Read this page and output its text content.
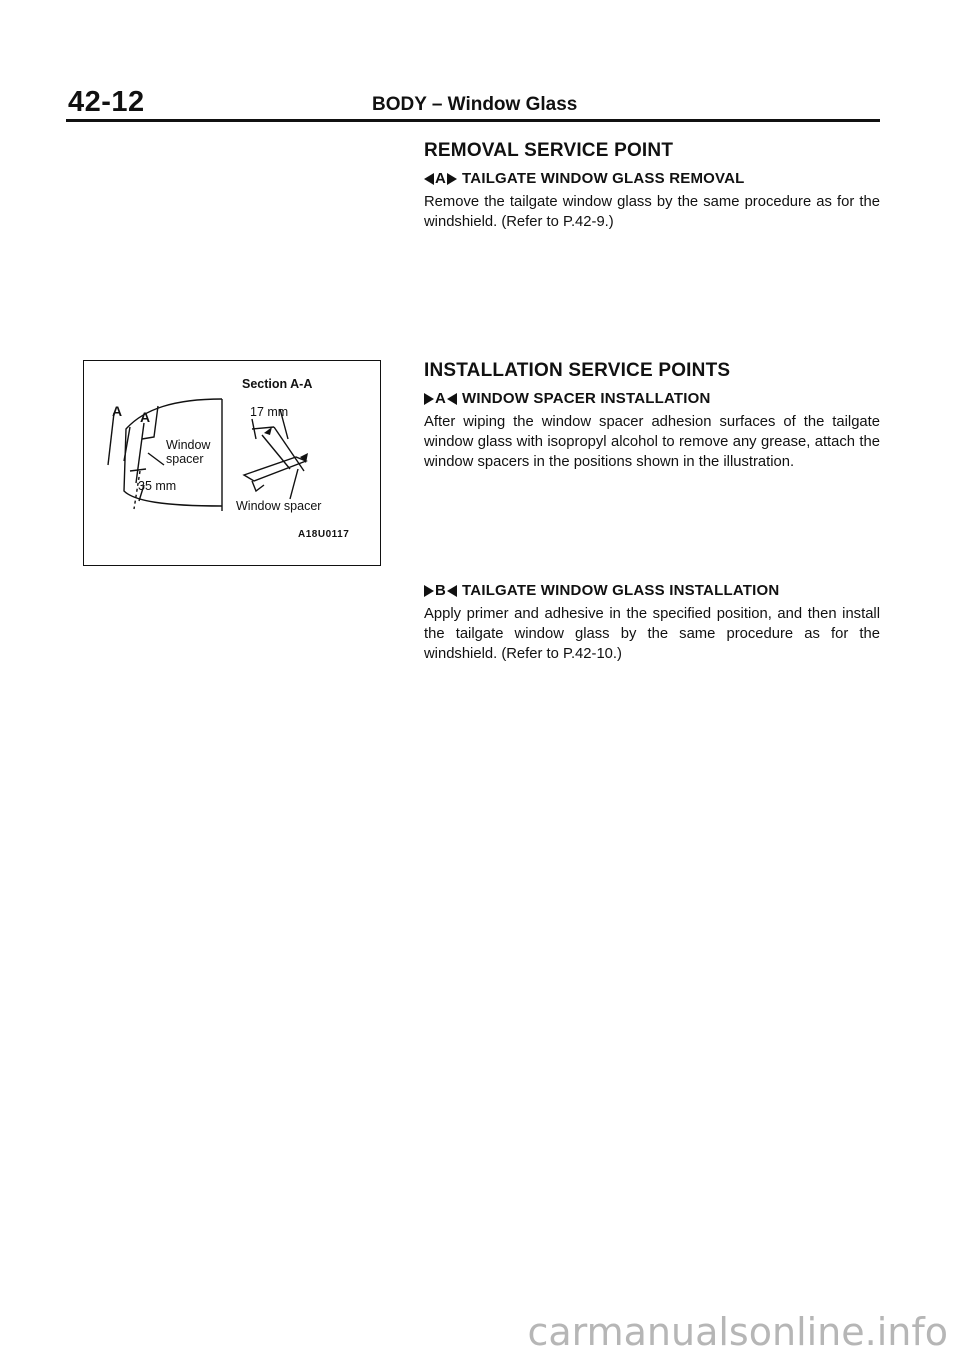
42-12	BODY – Window Glass
REMOVAL SERVICE POINT
A TAILGATE WINDOW GLASS REMOVAL

Remove the tailgate window glass by the same procedure as for the windshield. (Refer to P.42-9.)

INSTALLATION SERVICE POINTS
A WINDOW SPACER INSTALLATION

After wiping the window spacer adhesion surfaces of the tailgate window glass with isopropyl alcohol to remove any grease, attach the window spacers in the positions shown in the illustration.

B TAILGATE WINDOW GLASS INSTALLATION

Apply primer and adhesive in the specified position, and then install the tailgate window glass by the same procedure as for the windshield. (Refer to P.42-10.)

Section A-A
A A
Window
spacer
35 mm
17 mm
Window spacer
A18U0117
carmanualsonline.info
